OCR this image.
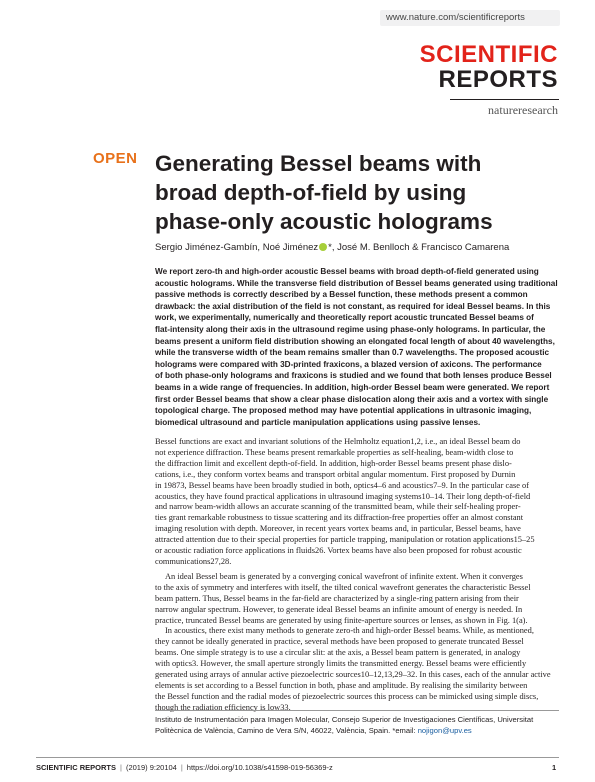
www.nature.com/scientificreports
SCIENTIFIC
REPORTS
natureresearch
OPEN Generating Bessel beams with
broad depth-of-field by using
phase-only acoustic holograms
Sergio Jiménez-Gambín, Noé Jiménez *, José M. Benlloch & Francisco Camarena
We report zero-th and high-order acoustic Bessel beams with broad depth-of-field generated using
acoustic holograms. While the transverse field distribution of Bessel beams generated using traditional
passive methods is correctly described by a Bessel function, these methods present a common
drawback: the axial distribution of the field is not constant, as required for ideal Bessel beams. In this
work, we experimentally, numerically and theoretically report acoustic truncated Bessel beams of
flat-intensity along their axis in the ultrasound regime using phase-only holograms. In particular, the
beams present a uniform field distribution showing an elongated focal length of about 40 wavelengths,
while the transverse width of the beam remains smaller than 0.7 wavelengths. The proposed acoustic
holograms were compared with 3D-printed fraxicons, a blazed version of axicons. The performance
of both phase-only holograms and fraxicons is studied and we found that both lenses produce Bessel
beams in a wide range of frequencies. In addition, high-order Bessel beam were generated. We report
first order Bessel beams that show a clear phase dislocation along their axis and a vortex with single
topological charge. The proposed method may have potential applications in ultrasonic imaging,
biomedical ultrasound and particle manipulation applications using passive lenses.
Bessel functions are exact and invariant solutions of the Helmholtz equation1,2, i.e., an ideal Bessel beam do
not experience diffraction. These beams present remarkable properties as self-healing, beam-width close to
the diffraction limit and excellent depth-of-field. In addition, high-order Bessel beams present phase dislo-
cations, i.e., they conform vortex beams and transport orbital angular momentum. First proposed by Durnin
in 19873, Bessel beams have been broadly studied in both, optics4–6 and acoustics7–9. In the particular case of
acoustics, they have found practical applications in ultrasound imaging systems10–14. Their long depth-of-field
and narrow beam-width allows an accurate scanning of the transmitted beam, while their self-healing proper-
ties grant remarkable robustness to tissue scattering and its diffraction-free properties offer an almost constant
imaging resolution with depth. Moreover, in recent years vortex beams and, in particular, Bessel beams, have
attracted attention due to their special properties for particle trapping, manipulation or rotation applications15–25
or acoustic radiation force applications in fluids26. Vortex beams have also been proposed for robust acoustic
communications27,28.
An ideal Bessel beam is generated by a converging conical wavefront of infinite extent. When it converges
to the axis of symmetry and interferes with itself, the tilted conical wavefront generates the characteristic Bessel
beam pattern. Thus, Bessel beams in the far-field are characterized by a single-ring pattern arising from their
narrow angular spectrum. However, to generate ideal Bessel beams an infinite amount of energy is needed. In
practice, truncated Bessel beams are generated by using finite-aperture sources or lenses, as shown in Fig. 1(a).
In acoustics, there exist many methods to generate zero-th and high-order Bessel beams. While, as mentioned,
they cannot be ideally generated in practice, several methods have been proposed to generate truncated Bessel
beams. One simple strategy is to use a circular slit: at the axis, a Bessel beam pattern is generated, in analogy
with optics3. However, the small aperture strongly limits the transmitted energy. Bessel beams were efficiently
generated using arrays of annular active piezoelectric sources10–12,13,29–32. In this cases, each of the annular active
elements is set according to a Bessel function in both, phase and amplitude. By realising the similarity between
the Bessel function and the radial modes of piezoelectric sources this process can be mimicked using simple discs,
though the radiation efficiency is low33.
Instituto de Instrumentación para Imagen Molecular, Consejo Superior de Investigaciones Científicas, Universitat
Politècnica de València, Camino de Vera S/N, 46022, València, Spain. *email: nojigon@upv.es
SCIENTIFIC REPORTS | (2019) 9:20104 | https://doi.org/10.1038/s41598-019-56369-z	1
